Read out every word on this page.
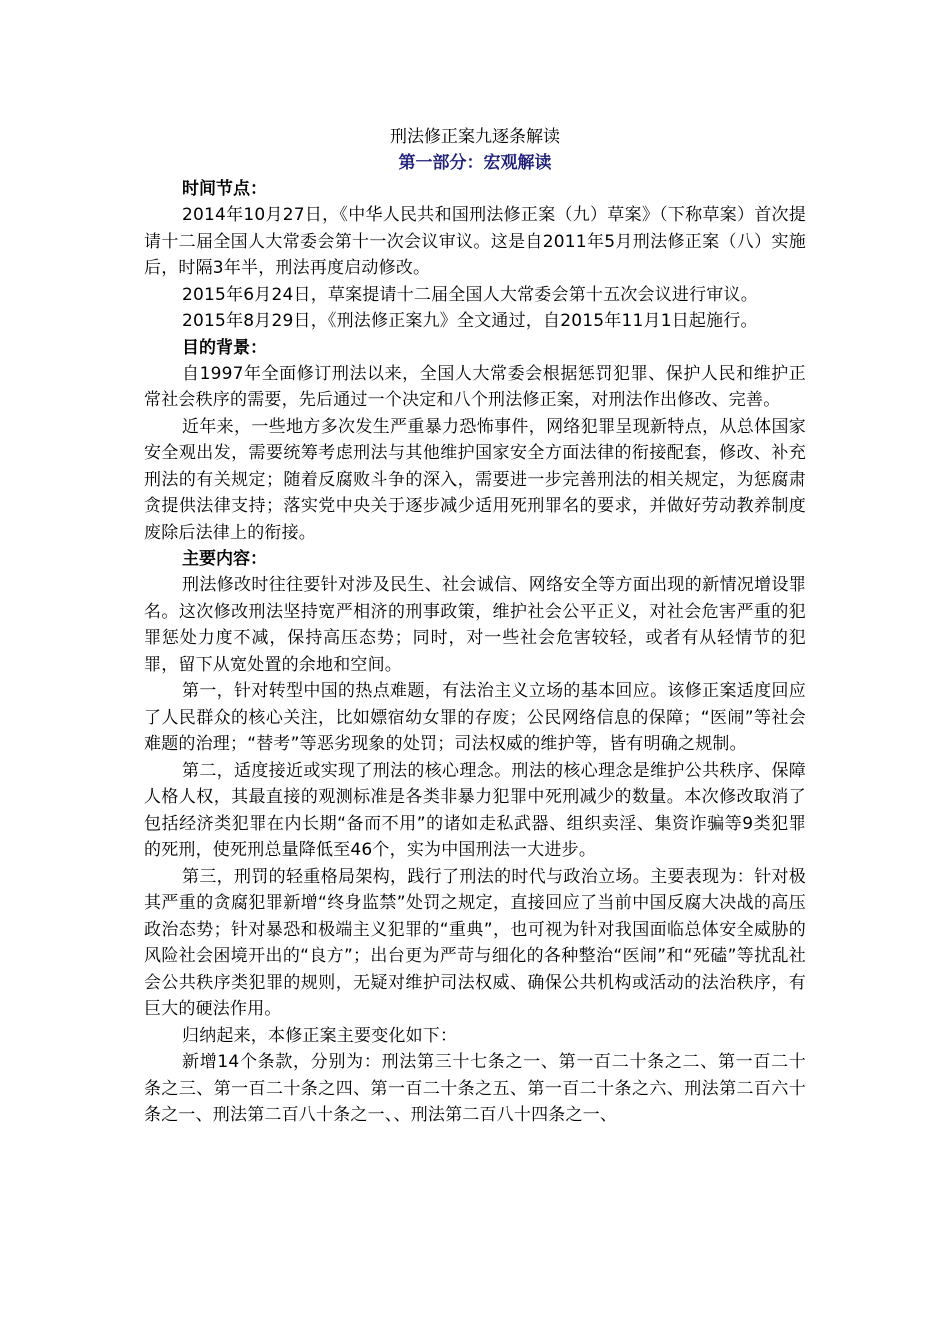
刑法修正案九逐条解读
第一部分：宏观解读

时间节点：

2014年10月27日，《中华人民共和国刑法修正案（九）草案》（下称草案）首次提请十二届全国人大常委会第十一次会议审议。这是自2011年5月刑法修正案（八）实施后，时隔3年半，刑法再度启动修改。

2015年6月24日，草案提请十二届全国人大常委会第十五次会议进行审议。

2015年8月29日，《刑法修正案九》全文通过，自2015年11月1日起施行。

目的背景：

自1997年全面修订刑法以来，全国人大常委会根据惩罚犯罪、保护人民和维护正常社会秩序的需要，先后通过一个决定和八个刑法修正案，对刑法作出修改、完善。

近年来，一些地方多次发生严重暴力恐怖事件，网络犯罪呈现新特点，从总体国家安全观出发，需要统筹考虑刑法与其他维护国家安全方面法律的衔接配套，修改、补充刑法的有关规定；随着反腐败斗争的深入，需要进一步完善刑法的相关规定，为惩腐肃贪提供法律支持；落实党中央关于逐步减少适用死刑罪名的要求，并做好劳动教养制度废除后法律上的衔接。

主要内容：

刑法修改时往往要针对涉及民生、社会诚信、网络安全等方面出现的新情况增设罪名。这次修改刑法坚持宽严相济的刑事政策，维护社会公平正义，对社会危害严重的犯罪惩处力度不减，保持高压态势；同时，对一些社会危害较轻，或者有从轻情节的犯罪，留下从宽处置的余地和空间。

第一，针对转型中国的热点难题，有法治主义立场的基本回应。该修正案适度回应了人民群众的核心关注，比如嫖宿幼女罪的存废；公民网络信息的保障；“医闹”等社会难题的治理；“替考”等恶劣现象的处罚；司法权威的维护等，皆有明确之规制。

第二，适度接近或实现了刑法的核心理念。刑法的核心理念是维护公共秩序、保障人格人权，其最直接的观测标准是各类非暴力犯罪中死刑减少的数量。本次修改取消了包括经济类犯罪在内长期“备而不用”的诸如走私武器、组织卖淫、集资诈骗等9类犯罪的死刑，使死刑总量降低至46个，实为中国刑法一大进步。

第三，刑罚的轻重格局架构，践行了刑法的时代与政治立场。主要表现为：针对极其严重的贪腐犯罪新增“终身监禁”处罚之规定，直接回应了当前中国反腐大决战的高压政治态势；针对暴恐和极端主义犯罪的“重典”，也可视为针对我国面临总体安全威胁的风险社会困境开出的“良方”；出台更为严苛与细化的各种整治“医闹”和“死磕”等扰乱社会公共秩序类犯罪的规则，无疑对维护司法权威、确保公共机构或活动的法治秩序，有巨大的硬法作用。

归纳起来，本修正案主要变化如下：

新增14个条款，分别为：刑法第三十七条之一、第一百二十条之二、第一百二十条之三、第一百二十条之四、第一百二十条之五、第一百二十条之六、刑法第二百六十条之一、刑法第二百八十条之一、、刑法第二百八十四条之一、
